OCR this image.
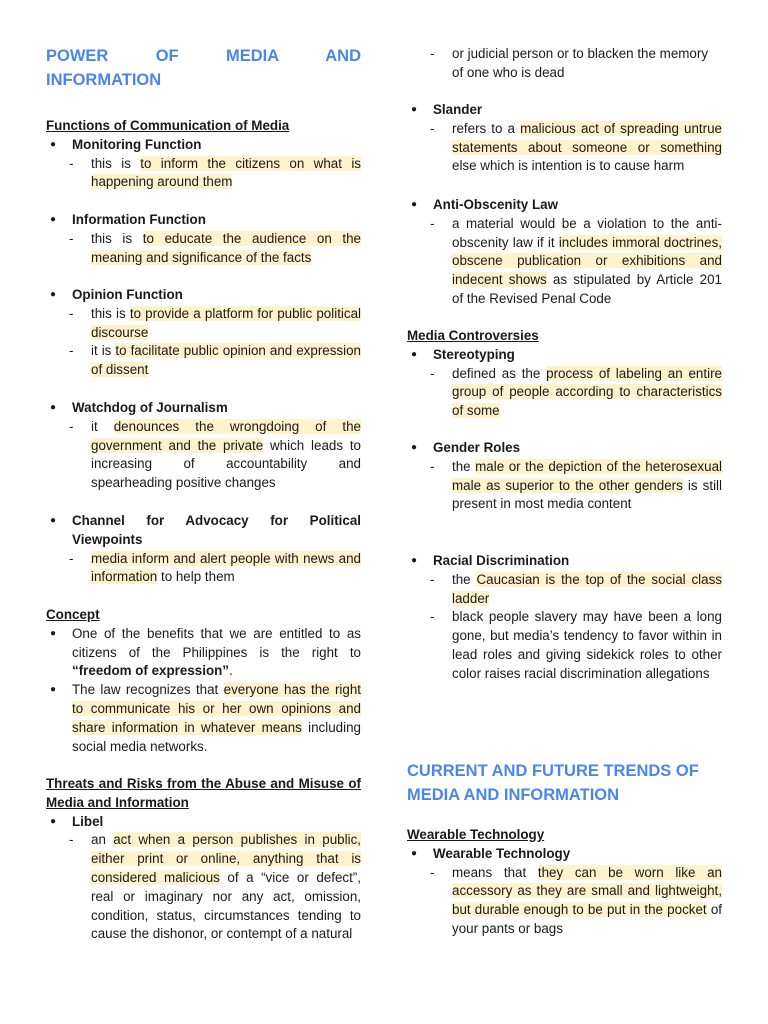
POWER	OF	MEDIA	AND
INFORMATION
Functions of Communication of Media
● Monitoring Function
- this is to inform the citizens on what is happening around them
● Information Function
- this is to educate the audience on the meaning and significance of the facts
● Opinion Function
- this is to provide a platform for public political discourse
- it is to facilitate public opinion and expression of dissent
● Watchdog of Journalism
- it denounces the wrongdoing of the government and the private which leads to increasing of accountability and spearheading positive changes
● Channel for Advocacy for Political Viewpoints
- media inform and alert people with news and information to help them
Concept
● One of the benefits that we are entitled to as citizens of the Philippines is the right to “freedom of expression”.
● The law recognizes that everyone has the right to communicate his or her own opinions and share information in whatever means including social media networks.
Threats and Risks from the Abuse and Misuse of Media and Information
● Libel
- an act when a person publishes in public, either print or online, anything that is considered malicious of a “vice or defect”, real or imaginary nor any act, omission, condition, status, circumstances tending to cause the dishonor, or contempt of a natural
- or judicial person or to blacken the memory of one who is dead
● Slander
- refers to a malicious act of spreading untrue statements about someone or something else which is intention is to cause harm
● Anti-Obscenity Law
- a material would be a violation to the anti-obscenity law if it includes immoral doctrines, obscene publication or exhibitions and indecent shows as stipulated by Article 201 of the Revised Penal Code
Media Controversies
● Stereotyping
- defined as the process of labeling an entire group of people according to characteristics of some
● Gender Roles
- the male or the depiction of the heterosexual male as superior to the other genders is still present in most media content
● Racial Discrimination
- the Caucasian is the top of the social class ladder
- black people slavery may have been a long gone, but media’s tendency to favor within in lead roles and giving sidekick roles to other color raises racial discrimination allegations
CURRENT AND FUTURE TRENDS OF MEDIA AND INFORMATION
Wearable Technology
● Wearable Technology
- means that they can be worn like an accessory as they are small and lightweight, but durable enough to be put in the pocket of your pants or bags
